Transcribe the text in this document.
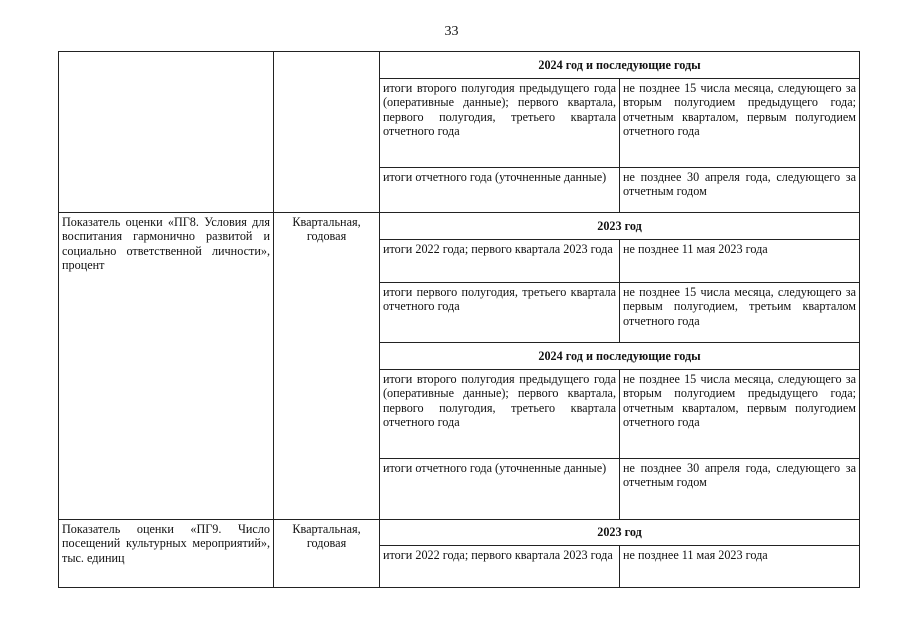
33
		2024 год и последующие годы	
		итоги второго полугодия предыдущего года (оперативные данные); первого квартала, первого полугодия, третьего квартала отчетного года	не позднее 15 числа месяца, следующего за вторым полугодием предыдущего года; отчетным кварталом, первым полугодием отчетного года
		итоги отчетного года (уточненные данные)	не позднее 30 апреля года, следующего за отчетным годом
Показатель оценки «ПГ8. Условия для воспитания гармонично развитой и социально ответственной личности», процент	Квартальная, годовая	2023 год	
		итоги 2022 года; первого квартала 2023 года	не позднее 11 мая 2023 года
		итоги первого полугодия, третьего квартала отчетного года	не позднее 15 числа месяца, следующего за первым полугодием, третьим кварталом отчетного года
		2024 год и последующие годы	
		итоги второго полугодия предыдущего года (оперативные данные); первого квартала, первого полугодия, третьего квартала отчетного года	не позднее 15 числа месяца, следующего за вторым полугодием предыдущего года; отчетным кварталом, первым полугодием отчетного года
		итоги отчетного года (уточненные данные)	не позднее 30 апреля года, следующего за отчетным годом
Показатель оценки «ПГ9. Число посещений культурных мероприятий», тыс. единиц	Квартальная, годовая	2023 год	
		итоги 2022 года; первого квартала 2023 года	не позднее 11 мая 2023 года
